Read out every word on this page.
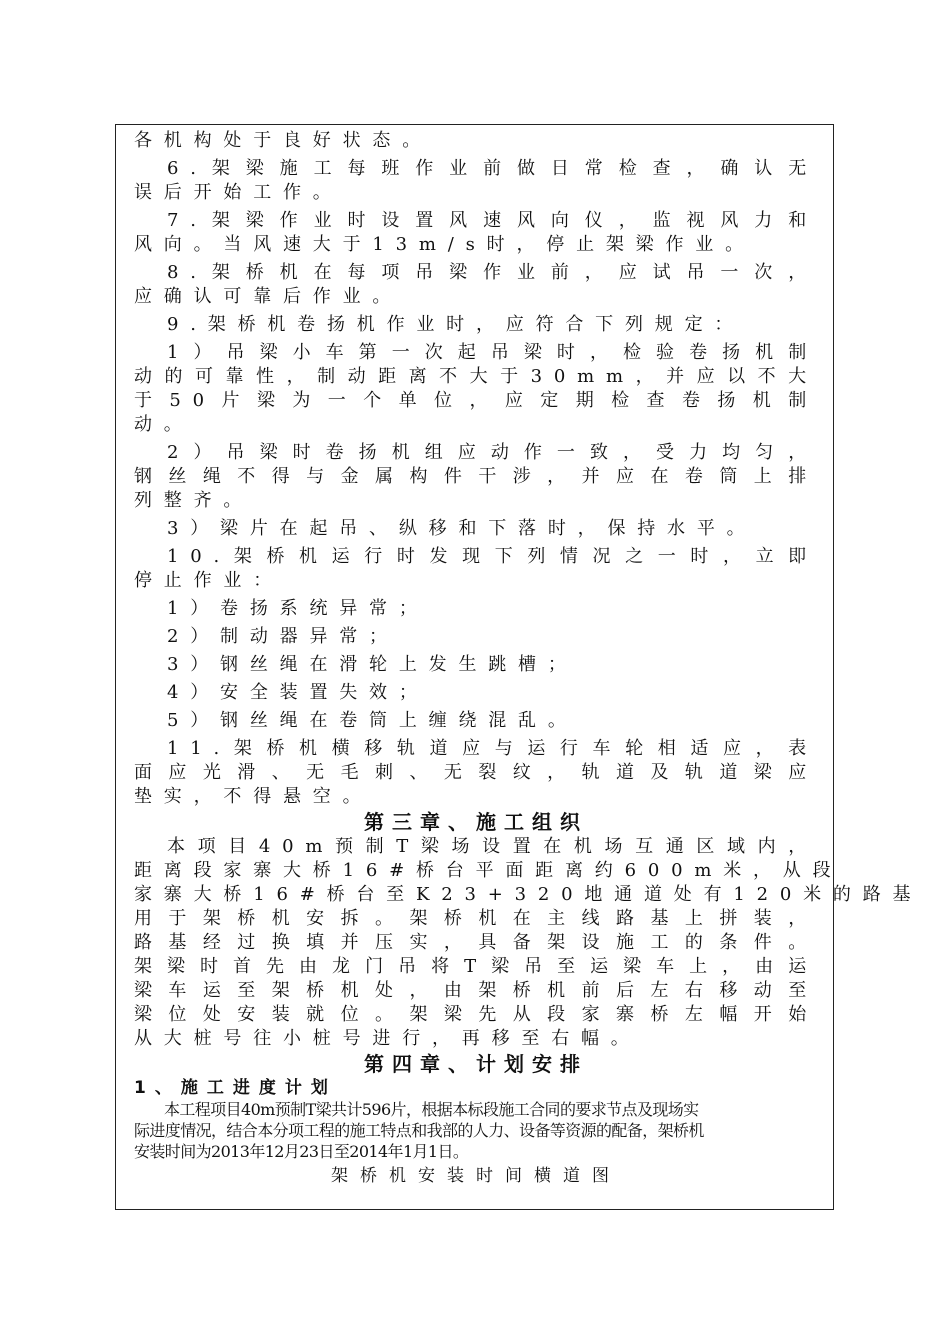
各机构处于良好状态。
6.架梁施工每班作业前做日常检查，确认无
误后开始工作。
7.架梁作业时设置风速风向仪，监视风力和
风向。当风速大于13m/s时，停止架梁作业。
8.架桥机在每项吊梁作业前，应试吊一次，
应确认可靠后作业。
9.架桥机卷扬机作业时，应符合下列规定：
1）吊梁小车第一次起吊梁时，检验卷扬机制
动的可靠性，制动距离不大于30mm，并应以不大
于50片梁为一个单位，应定期检查卷扬机制
动。
2）吊梁时卷扬机组应动作一致，受力均匀，
钢丝绳不得与金属构件干涉，并应在卷筒上排
列整齐。
3）梁片在起吊、纵移和下落时，保持水平。
10.架桥机运行时发现下列情况之一时，立即
停止作业：
1）卷扬系统异常；
2）制动器异常；
3）钢丝绳在滑轮上发生跳槽；
4）安全装置失效；
5）钢丝绳在卷筒上缠绕混乱。
11.架桥机横移轨道应与运行车轮相适应，表
面应光滑、无毛刺、无裂纹，轨道及轨道梁应
垫实，不得悬空。
第三章、施工组织
本项目40m预制T梁场设置在机场互通区域内，
距离段家寨大桥16#桥台平面距离约600m米，从段
家寨大桥16#桥台至K23+320地通道处有120米的路基
用于架桥机安拆。架桥机在主线路基上拼装，
路基经过换填并压实，具备架设施工的条件。
架梁时首先由龙门吊将T梁吊至运梁车上，由运
梁车运至架桥机处，由架桥机前后左右移动至
梁位处安装就位。架梁先从段家寨桥左幅开始
从大桩号往小桩号进行，再移至右幅。
第四章、计划安排
1、施工进度计划
本工程项目40m预制T梁共计596片，根据本标段施工合同的要求节点及现场实
际进度情况，结合本分项工程的施工特点和我部的人力、设备等资源的配备，架桥机
安装时间为2013年12月23日至2014年1月1日。
架桥机安装时间横道图
